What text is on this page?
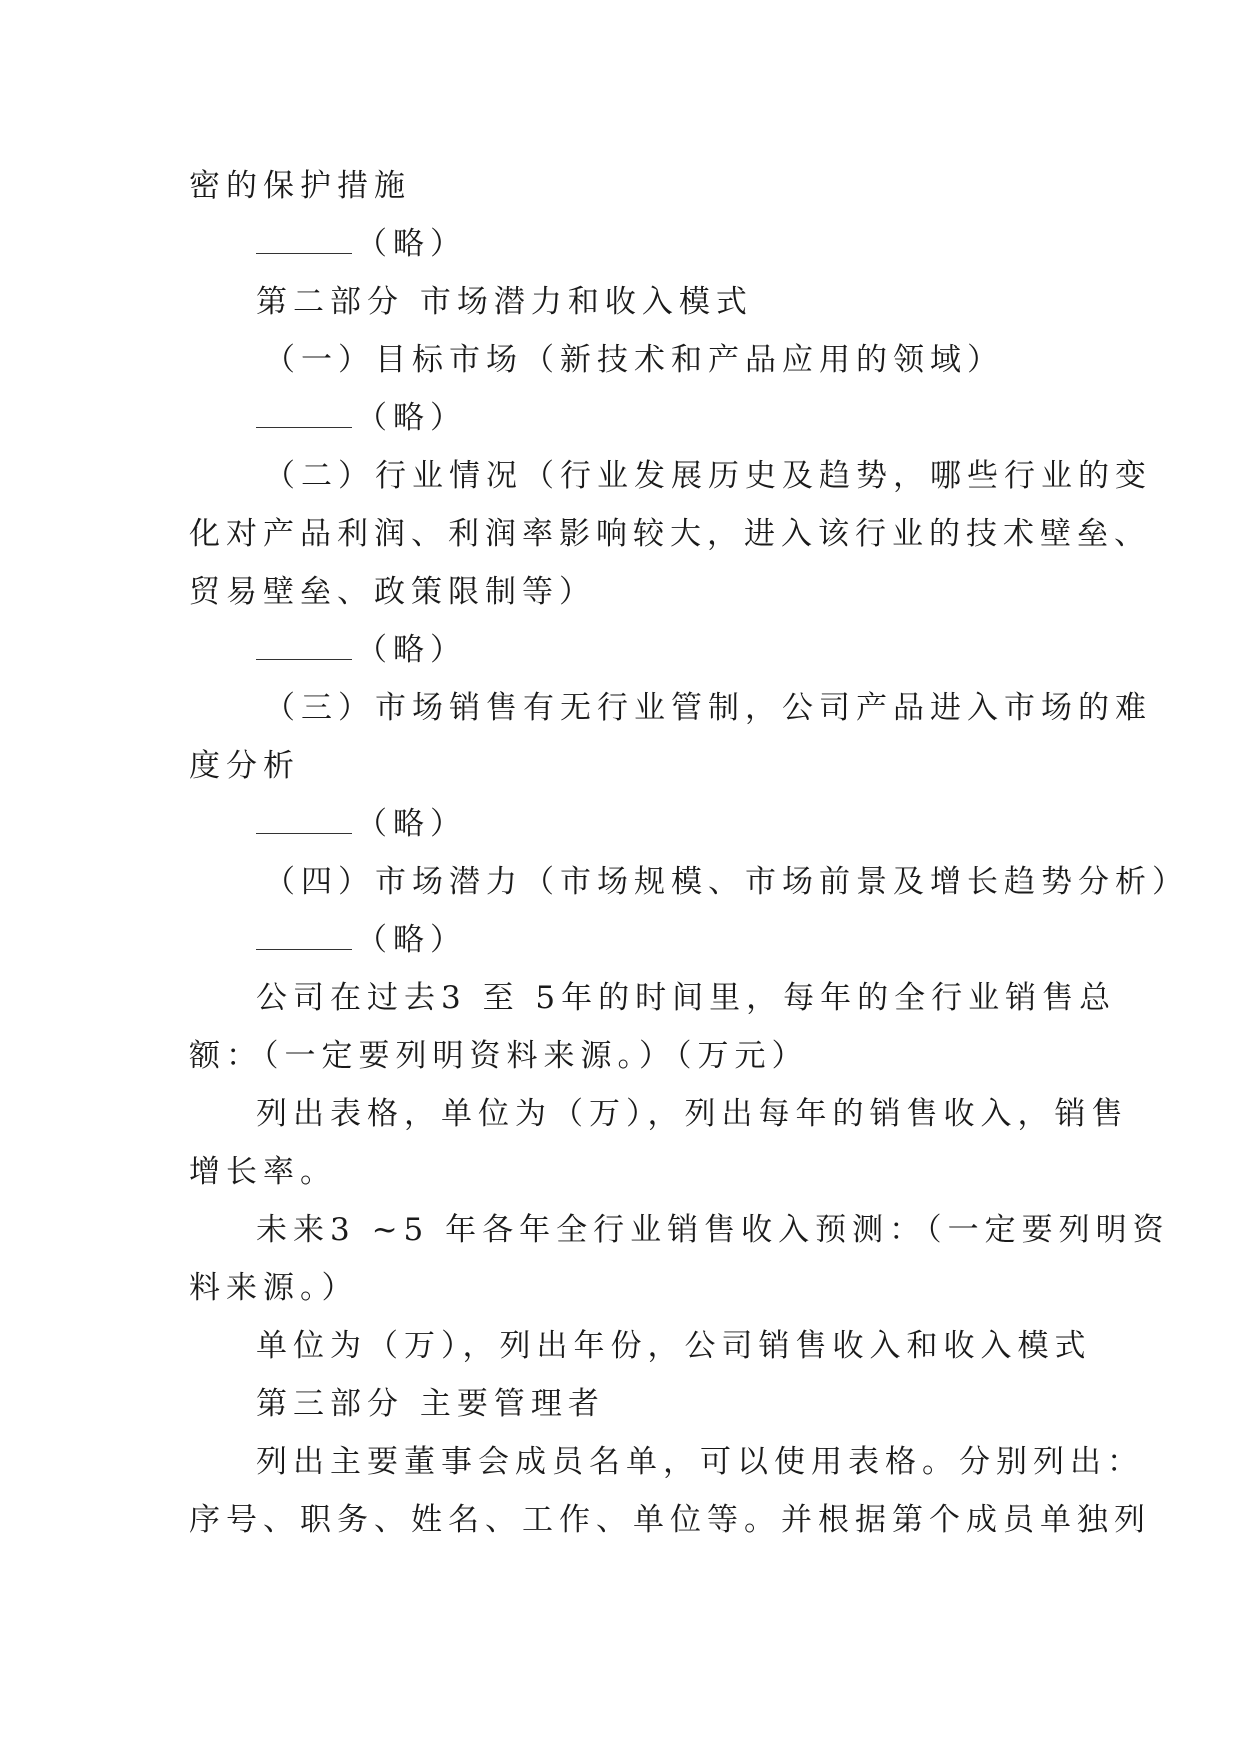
密的保护措施
（略）
第二部分 市场潜力和收入模式
（一）目标市场（新技术和产品应用的领域）
（略）
（二）行业情况（行业发展历史及趋势，哪些行业的变
化对产品利润、利润率影响较大，进入该行业的技术壁垒、
贸易壁垒、政策限制等）
（略）
（三）市场销售有无行业管制，公司产品进入市场的难
度分析
（略）
（四）市场潜力（市场规模、市场前景及增长趋势分析）
（略）
公司在过去3 至 5年的时间里，每年的全行业销售总
额：（一定要列明资料来源。）（万元）
列出表格，单位为（万），列出每年的销售收入，销售
增长率。
未来3 ~5 年各年全行业销售收入预测：（一定要列明资
料来源。）
单位为（万），列出年份，公司销售收入和收入模式
第三部分 主要管理者
列出主要董事会成员名单，可以使用表格。分别列出：
序号、职务、姓名、工作、单位等。并根据第个成员单独列
